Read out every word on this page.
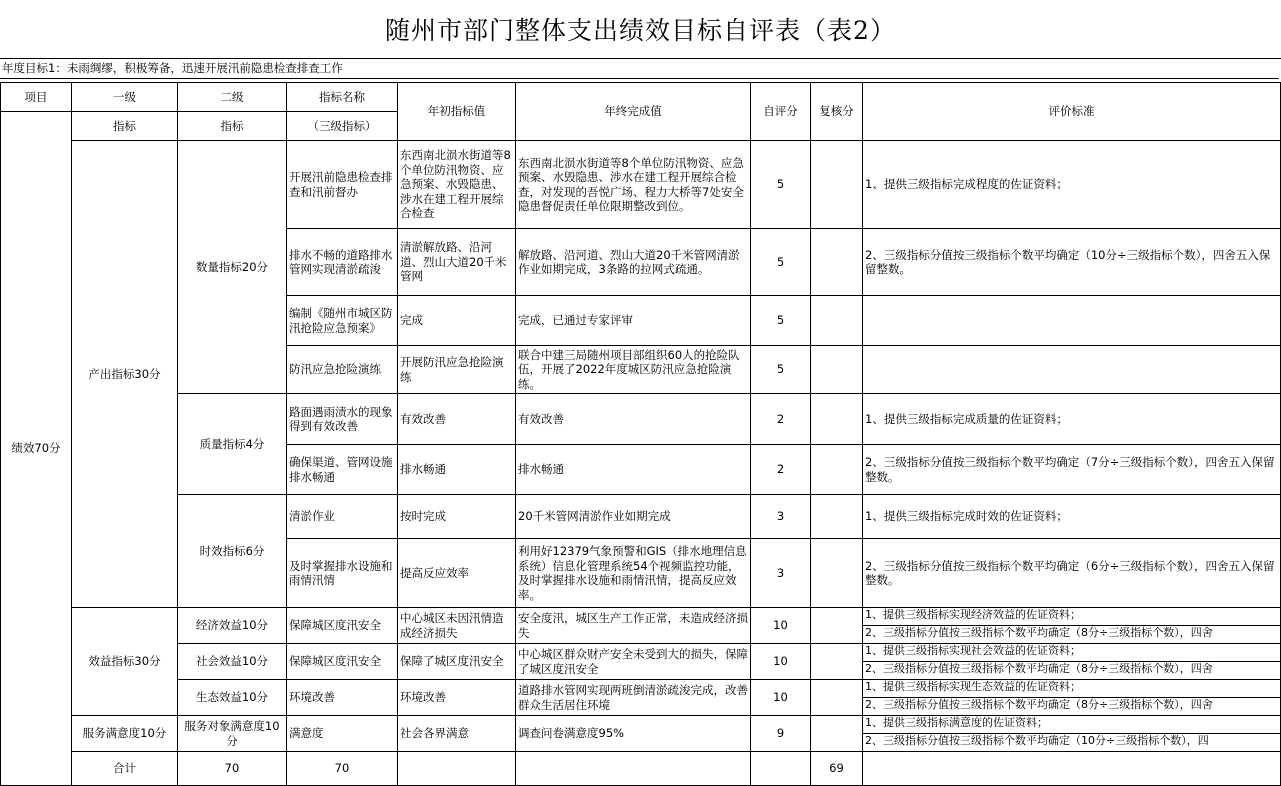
随州市部门整体支出绩效目标自评表（表2）
年度目标1：未雨绸缪，积极筹备，迅速开展汛前隐患检查排查工作
项目	一级	二级	指标名称	年初指标值	年终完成值	自评分	复核分	评价标准	
绩效70分	指标	指标	（三级指标）						
	产出指标30分	数量指标20分	开展汛前隐患检查排查和汛前督办	东西南北涢水街道等8个单位防汛物资、应急预案、水毁隐患、涉水在建工程开展综合检查	东西南北涢水街道等8个单位防汛物资、应急预案、水毁隐患、涉水在建工程开展综合检查，对发现的吾悦广场、程力大桥等7处安全隐患督促责任单位限期整改到位。	5		1、提供三级指标完成程度的佐证资料；	
			排水不畅的道路排水管网实现清淤疏浚	清淤解放路、沿河道、烈山大道20千米管网	解放路、沿河道、烈山大道20千米管网清淤作业如期完成，3条路的拉网式疏通。	5		2、三级指标分值按三级指标个数平均确定（10分÷三级指标个数），四舍五入保留整数。	
			编制《随州市城区防汛抢险应急预案》	完成	完成，已通过专家评审	5			
			防汛应急抢险演练	开展防汛应急抢险演练	联合中建三局随州项目部组织60人的抢险队伍，开展了2022年度城区防汛应急抢险演练。	5			
		质量指标4分	路面遇雨渍水的现象得到有效改善	有效改善	有效改善	2		1、提供三级指标完成质量的佐证资料；	
			确保渠道、管网设施排水畅通	排水畅通	排水畅通	2		2、三级指标分值按三级指标个数平均确定（7分÷三级指标个数），四舍五入保留整数。	
		时效指标6分	清淤作业	按时完成	20千米管网清淤作业如期完成	3		1、提供三级指标完成时效的佐证资料；	
			及时掌握排水设施和雨情汛情	提高反应效率	利用好12379气象预警和GIS（排水地理信息系统）信息化管理系统54个视频监控功能，及时掌握排水设施和雨情汛情，提高反应效率。	3		2、三级指标分值按三级指标个数平均确定（6分÷三级指标个数），四舍五入保留整数。	
	效益指标30分	经济效益10分	保障城区度汛安全	中心城区未因汛情造成经济损失	安全度汛，城区生产工作正常，未造成经济损失	10		1、提供三级指标实现经济效益的佐证资料；
2、三级指标分值按三级指标个数平均确定（8分÷三级指标个数），四舍	

		社会效益10分	保障城区度汛安全	保障了城区度汛安全	中心城区群众财产安全未受到大的损失，保障了城区度汛安全	10		1、提供三级指标实现社会效益的佐证资料；
2、三级指标分值按三级指标个数平均确定（8分÷三级指标个数），四舍	

		生态效益10分	环境改善	环境改善	道路排水管网实现两班倒清淤疏浚完成，改善群众生活居住环境	10		1、提供三级指标实现生态效益的佐证资料；
2、三级指标分值按三级指标个数平均确定（8分÷三级指标个数），四舍	

	服务满意度10分	服务对象满意度10分	满意度	社会各界满意	调查问卷满意度95%	9		1、提供三级指标满意度的佐证资料；
2、三级指标分值按三级指标个数平均确定（10分÷三级指标个数），四	

	合计	70	70				69		
